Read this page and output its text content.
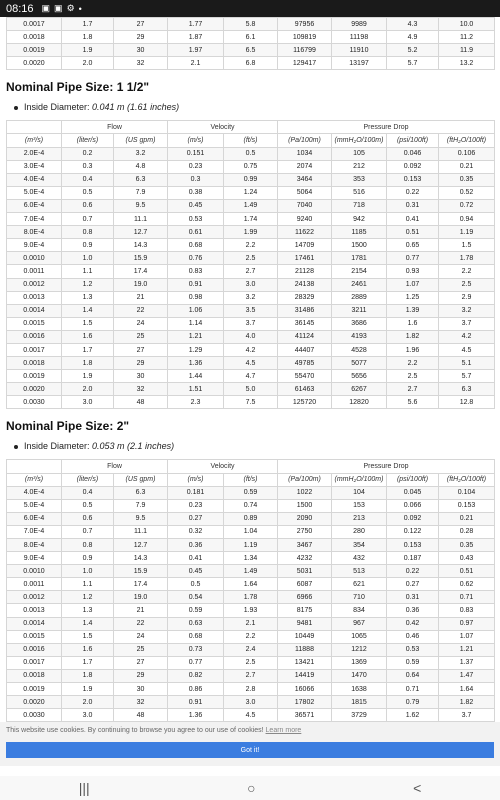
08:16 ▣ ▣ ⚙ •
0.0017	1.7	27	1.77	5.8	97956	9989	4.3	10.0
0.0018	1.8	29	1.87	6.1	109819	11198	4.9	11.2
0.0019	1.9	30	1.97	6.5	116799	11910	5.2	11.9
0.0020	2.0	32	2.1	6.8	129417	13197	5.7	13.2
Nominal Pipe Size: 1 1/2"
Inside Diameter: 0.041 m (1.61 inches)
	Flow		Velocity		Pressure Drop			
(m³/s)	(liter/s)	(US gpm)	(m/s)	(ft/s)	(Pa/100m)	(mmH₂O/100m)	(psi/100ft)	(ftH₂O/100ft)
2.0E-4	0.2	3.2	0.151	0.5	1034	105	0.046	0.106
3.0E-4	0.3	4.8	0.23	0.75	2074	212	0.092	0.21
4.0E-4	0.4	6.3	0.3	0.99	3464	353	0.153	0.35
5.0E-4	0.5	7.9	0.38	1.24	5064	516	0.22	0.52
6.0E-4	0.6	9.5	0.45	1.49	7040	718	0.31	0.72
7.0E-4	0.7	11.1	0.53	1.74	9240	942	0.41	0.94
8.0E-4	0.8	12.7	0.61	1.99	11622	1185	0.51	1.19
9.0E-4	0.9	14.3	0.68	2.2	14709	1500	0.65	1.5
0.0010	1.0	15.9	0.76	2.5	17461	1781	0.77	1.78
0.0011	1.1	17.4	0.83	2.7	21128	2154	0.93	2.2
0.0012	1.2	19.0	0.91	3.0	24138	2461	1.07	2.5
0.0013	1.3	21	0.98	3.2	28329	2889	1.25	2.9
0.0014	1.4	22	1.06	3.5	31486	3211	1.39	3.2
0.0015	1.5	24	1.14	3.7	36145	3686	1.6	3.7
0.0016	1.6	25	1.21	4.0	41124	4193	1.82	4.2
0.0017	1.7	27	1.29	4.2	44407	4528	1.96	4.5
0.0018	1.8	29	1.36	4.5	49785	5077	2.2	5.1
0.0019	1.9	30	1.44	4.7	55470	5656	2.5	5.7
0.0020	2.0	32	1.51	5.0	61463	6267	2.7	6.3
0.0030	3.0	48	2.3	7.5	125720	12820	5.6	12.8
Nominal Pipe Size: 2"
Inside Diameter: 0.053 m (2.1 inches)
	Flow		Velocity		Pressure Drop			
(m³/s)	(liter/s)	(US gpm)	(m/s)	(ft/s)	(Pa/100m)	(mmH₂O/100m)	(psi/100ft)	(ftH₂O/100ft)
4.0E-4	0.4	6.3	0.181	0.59	1022	104	0.045	0.104
5.0E-4	0.5	7.9	0.23	0.74	1500	153	0.066	0.153
6.0E-4	0.6	9.5	0.27	0.89	2090	213	0.092	0.21
7.0E-4	0.7	11.1	0.32	1.04	2750	280	0.122	0.28
8.0E-4	0.8	12.7	0.36	1.19	3467	354	0.153	0.35
9.0E-4	0.9	14.3	0.41	1.34	4232	432	0.187	0.43
0.0010	1.0	15.9	0.45	1.49	5031	513	0.22	0.51
0.0011	1.1	17.4	0.5	1.64	6087	621	0.27	0.62
0.0012	1.2	19.0	0.54	1.78	6966	710	0.31	0.71
0.0013	1.3	21	0.59	1.93	8175	834	0.36	0.83
0.0014	1.4	22	0.63	2.1	9481	967	0.42	0.97
0.0015	1.5	24	0.68	2.2	10449	1065	0.46	1.07
0.0016	1.6	25	0.73	2.4	11888	1212	0.53	1.21
0.0017	1.7	27	0.77	2.5	13421	1369	0.59	1.37
0.0018	1.8	29	0.82	2.7	14419	1470	0.64	1.47
0.0019	1.9	30	0.86	2.8	16066	1638	0.71	1.64
0.0020	2.0	32	0.91	3.0	17802	1815	0.79	1.82
0.0030	3.0	48	1.36	4.5	36571	3729	1.62	3.7

This website use cookies. By continuing to browse you agree to our use of cookies! Learn more
Got it!
|||	○	<
